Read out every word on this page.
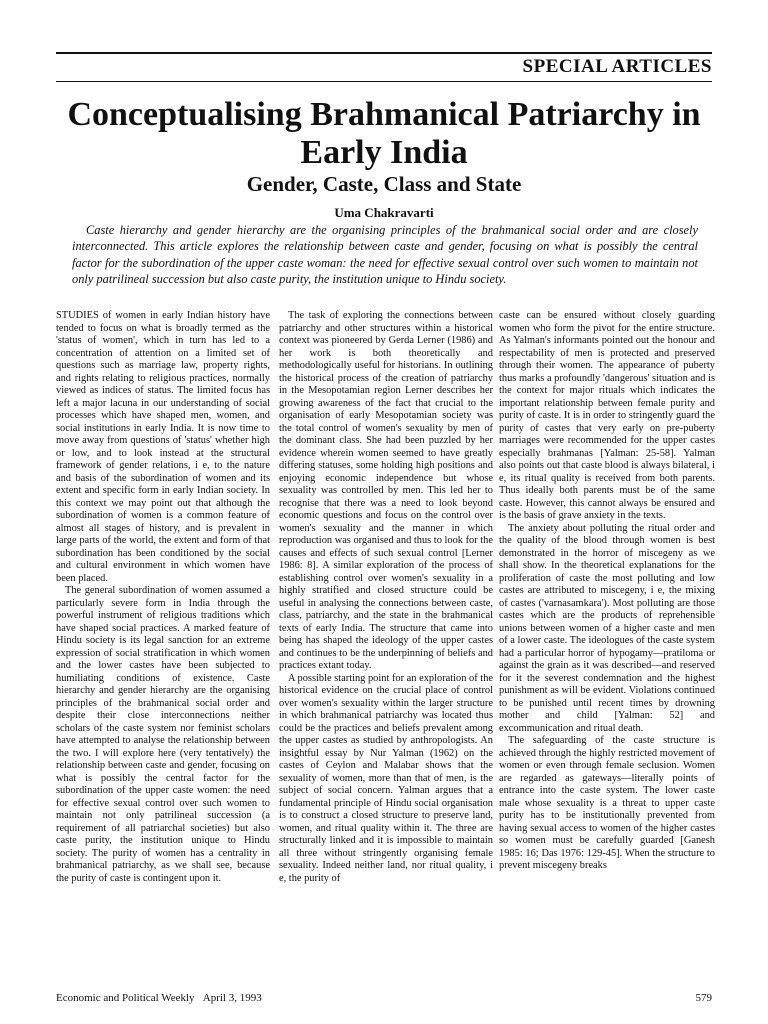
SPECIAL ARTICLES
Conceptualising Brahmanical Patriarchy in Early India
Gender, Caste, Class and State
Uma Chakravarti

Caste hierarchy and gender hierarchy are the organising principles of the brahmanical social order and are closely interconnected. This article explores the relationship between caste and gender, focusing on what is possibly the central factor for the subordination of the upper caste woman: the need for effective sexual control over such women to maintain not only patrilineal succession but also caste purity, the institution unique to Hindu society.

STUDIES of women in early Indian history have tended to focus on what is broadly termed as the 'status of women', which in turn has led to a concentration of attention on a limited set of questions such as marriage law, property rights, and rights relating to religious practices, normally viewed as indices of status. The limited focus has left a major lacuna in our understanding of social processes which have shaped men, women, and social institutions in early India. It is now time to move away from questions of 'status' whether high or low, and to look instead at the structural framework of gender relations, i e, to the nature and basis of the subordination of women and its extent and specific form in early Indian society. In this context we may point out that although the subordination of women is a common feature of almost all stages of history, and is prevalent in large parts of the world, the extent and form of that subordination has been conditioned by the social and cultural environment in which women have been placed.

The general subordination of women assumed a particularly severe form in India through the powerful instrument of religious traditions which have shaped social practices. A marked feature of Hindu society is its legal sanction for an extreme expression of social stratification in which women and the lower castes have been subjected to humiliating conditions of existence. Caste hierarchy and gender hierarchy are the organising principles of the brahmanical social order and despite their close interconnections neither scholars of the caste system nor feminist scholars have attempted to analyse the relationship between the two. I will explore here (very tentatively) the relationship between caste and gender, focusing on what is possibly the central factor for the subordination of the upper caste women: the need for effective sexual control over such women to maintain not only patrilineal succession (a requirement of all patriarchal societies) but also caste purity, the institution unique to Hindu society. The purity of women has a centrality in brahmanical patriarchy, as we shall see, because the purity of caste is contingent upon it.

The task of exploring the connections between patriarchy and other structures within a historical context was pioneered by Gerda Lerner (1986) and her work is both theoretically and methodologically useful for historians. In outlining the historical process of the creation of patriarchy in the Mesopotamian region Lerner describes her growing awareness of the fact that crucial to the organisation of early Mesopotamian society was the total control of women's sexuality by men of the dominant class. She had been puzzled by her evidence wherein women seemed to have greatly differing statuses, some holding high positions and enjoying economic independence but whose sexuality was controlled by men. This led her to recognise that there was a need to look beyond economic questions and focus on the control over women's sexuality and the manner in which reproduction was organised and thus to look for the causes and effects of such sexual control [Lerner 1986: 8]. A similar exploration of the process of establishing control over women's sexuality in a highly stratified and closed structure could be useful in analysing the connections between caste, class, patriarchy, and the state in the brahmanical texts of early India. The structure that came into being has shaped the ideology of the upper castes and continues to be the underpinning of beliefs and practices extant today.

A possible starting point for an exploration of the historical evidence on the crucial place of control over women's sexuality within the larger structure in which brahmanical patriarchy was located thus could be the practices and beliefs prevalent among the upper castes as studied by anthropologists. An insightful essay by Nur Yalman (1962) on the castes of Ceylon and Malabar shows that the sexuality of women, more than that of men, is the subject of social concern. Yalman argues that a fundamental principle of Hindu social organisation is to construct a closed structure to preserve land, women, and ritual quality within it. The three are structurally linked and it is impossible to maintain all three without stringently organising female sexuality. Indeed neither land, nor ritual quality, i e, the purity of

caste can be ensured without closely guarding women who form the pivot for the entire structure. As Yalman's informants pointed out the honour and respectability of men is protected and preserved through their women. The appearance of puberty thus marks a profoundly 'dangerous' situation and is the context for major rituals which indicates the important relationship between female purity and purity of caste. It is in order to stringently guard the purity of castes that very early on pre-puberty marriages were recommended for the upper castes especially brahmanas [Yalman: 25-58]. Yalman also points out that caste blood is always bilateral, i e, its ritual quality is received from both parents. Thus ideally both parents must be of the same caste. However, this cannot always be ensured and is the basis of grave anxiety in the texts.

The anxiety about polluting the ritual order and the quality of the blood through women is best demonstrated in the horror of miscegeny as we shall show. In the theoretical explanations for the proliferation of caste the most polluting and low castes are attributed to miscegeny, i e, the mixing of castes ('varnasamkara'). Most polluting are those castes which are the products of reprehensible unions between women of a higher caste and men of a lower caste. The ideologues of the caste system had a particular horror of hypogamy—pratiloma or against the grain as it was described—and reserved for it the severest condemnation and the highest punishment as will be evident. Violations continued to be punished until recent times by drowning mother and child [Yalman: 52] and excommunication and ritual death.

The safeguarding of the caste structure is achieved through the highly restricted movement of women or even through female seclusion. Women are regarded as gateways—literally points of entrance into the caste system. The lower caste male whose sexuality is a threat to upper caste purity has to be institutionally prevented from having sexual access to women of the higher castes so women must be carefully guarded [Ganesh 1985: 16; Das 1976: 129-45]. When the structure to prevent miscegeny breaks

Economic and Political Weekly April 3, 1993	579
